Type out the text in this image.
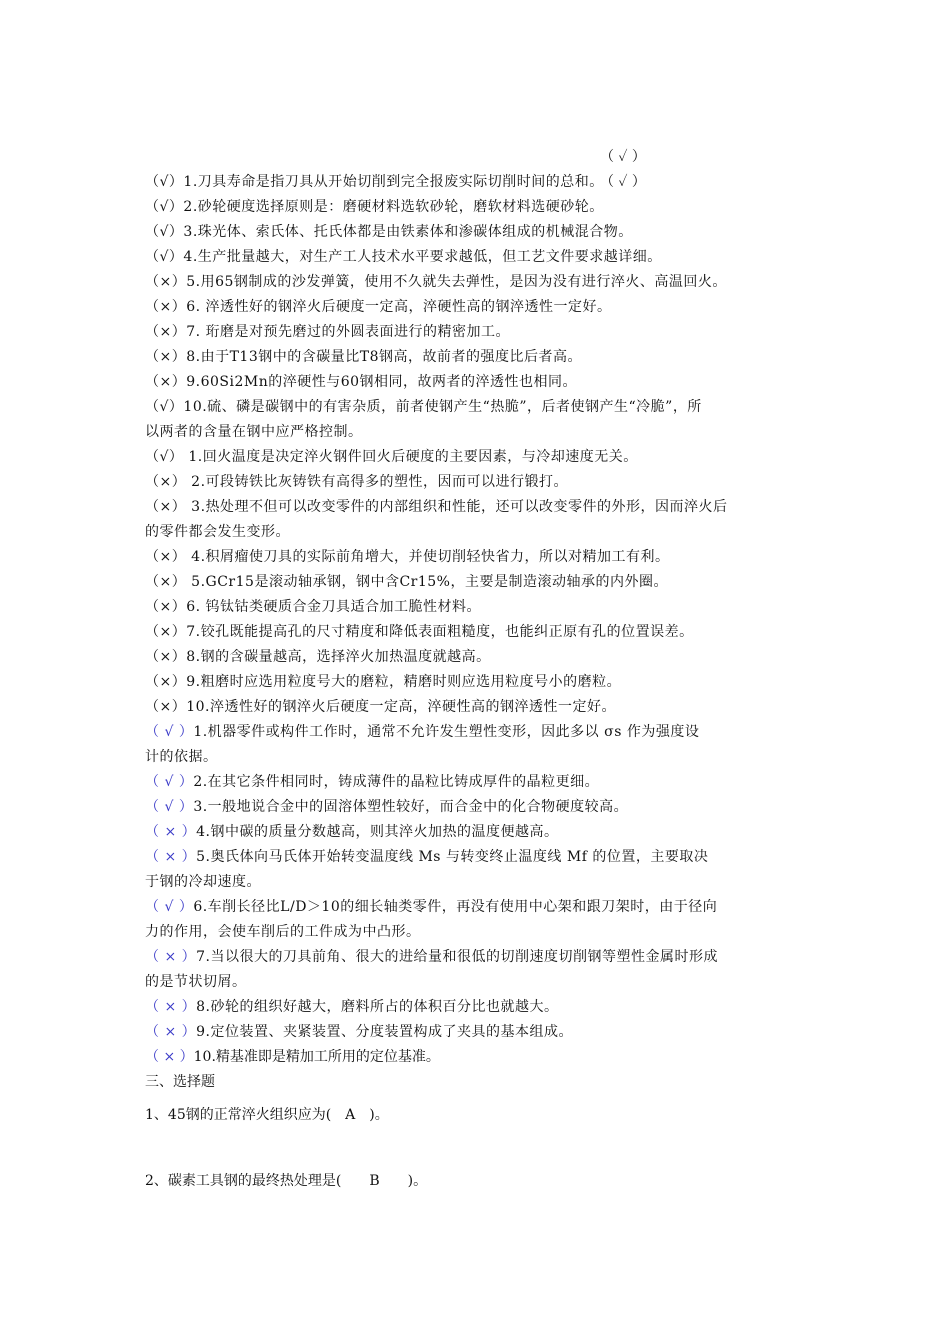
（ ✓ ）

（ ✓ ）

（√）1.刀具寿命是指刀具从开始切削到完全报废实际切削时间的总和。
（√）2.砂轮硬度选择原则是：磨硬材料选软砂轮，磨软材料选硬砂轮。
（√）3.珠光体、索氏体、托氏体都是由铁素体和渗碳体组成的机械混合物。
（√）4.生产批量越大，对生产工人技术水平要求越低，但工艺文件要求越详细。
（×）5.用65钢制成的沙发弹簧，使用不久就失去弹性，是因为没有进行淬火、高温回火。
（×）6. 淬透性好的钢淬火后硬度一定高，淬硬性高的钢淬透性一定好。
（×）7. 珩磨是对预先磨过的外圆表面进行的精密加工。
（×）8.由于T13钢中的含碳量比T8钢高，故前者的强度比后者高。
（×）9.60Si2Mn的淬硬性与60钢相同，故两者的淬透性也相同。
（√）10.硫、磷是碳钢中的有害杂质，前者使钢产生“热脆”，后者使钢产生“冷脆”，所
以两者的含量在钢中应严格控制。
（√） 1.回火温度是决定淬火钢件回火后硬度的主要因素，与冷却速度无关。
（×） 2.可段铸铁比灰铸铁有高得多的塑性，因而可以进行锻打。
（×） 3.热处理不但可以改变零件的内部组织和性能，还可以改变零件的外形，因而淬火后
的零件都会发生变形。
（×） 4.积屑瘤使刀具的实际前角增大，并使切削轻快省力，所以对精加工有利。
（×） 5.GCr15是滚动轴承钢，钢中含Cr15%，主要是制造滚动轴承的内外圈。
（×）6. 钨钛钴类硬质合金刀具适合加工脆性材料。
（×）7.铰孔既能提高孔的尺寸精度和降低表面粗糙度，也能纠正原有孔的位置误差。
（×）8.钢的含碳量越高，选择淬火加热温度就越高。
（×）9.粗磨时应选用粒度号大的磨粒，精磨时则应选用粒度号小的磨粒。
（×）10.淬透性好的钢淬火后硬度一定高，淬硬性高的钢淬透性一定好。
（ √ ）1.机器零件或构件工作时，通常不允许发生塑性变形，因此多以 σs 作为强度设
计的依据。
（ √ ）2.在其它条件相同时，铸成薄件的晶粒比铸成厚件的晶粒更细。
（ √ ）3.一般地说合金中的固溶体塑性较好，而合金中的化合物硬度较高。
（ × ）4.钢中碳的质量分数越高，则其淬火加热的温度便越高。
（ × ）5.奥氏体向马氏体开始转变温度线 Ms 与转变终止温度线 Mf 的位置，主要取决
于钢的冷却速度。
（ √ ）6.车削长径比L/D＞10的细长轴类零件，再没有使用中心架和跟刀架时，由于径向
力的作用，会使车削后的工件成为中凸形。
（ × ）7.当以很大的刀具前角、很大的进给量和很低的切削速度切削钢等塑性金属时形成
的是节状切屑。
（ × ）8.砂轮的组织好越大，磨料所占的体积百分比也就越大。
（ × ）9.定位装置、夹紧装置、分度装置构成了夹具的基本组成。
（ × ）10.精基准即是精加工所用的定位基准。
三、选择题
1、45钢的正常淬火组织应为(　A　)。

2、碳素工具钢的最终热处理是(　　B　　)。
